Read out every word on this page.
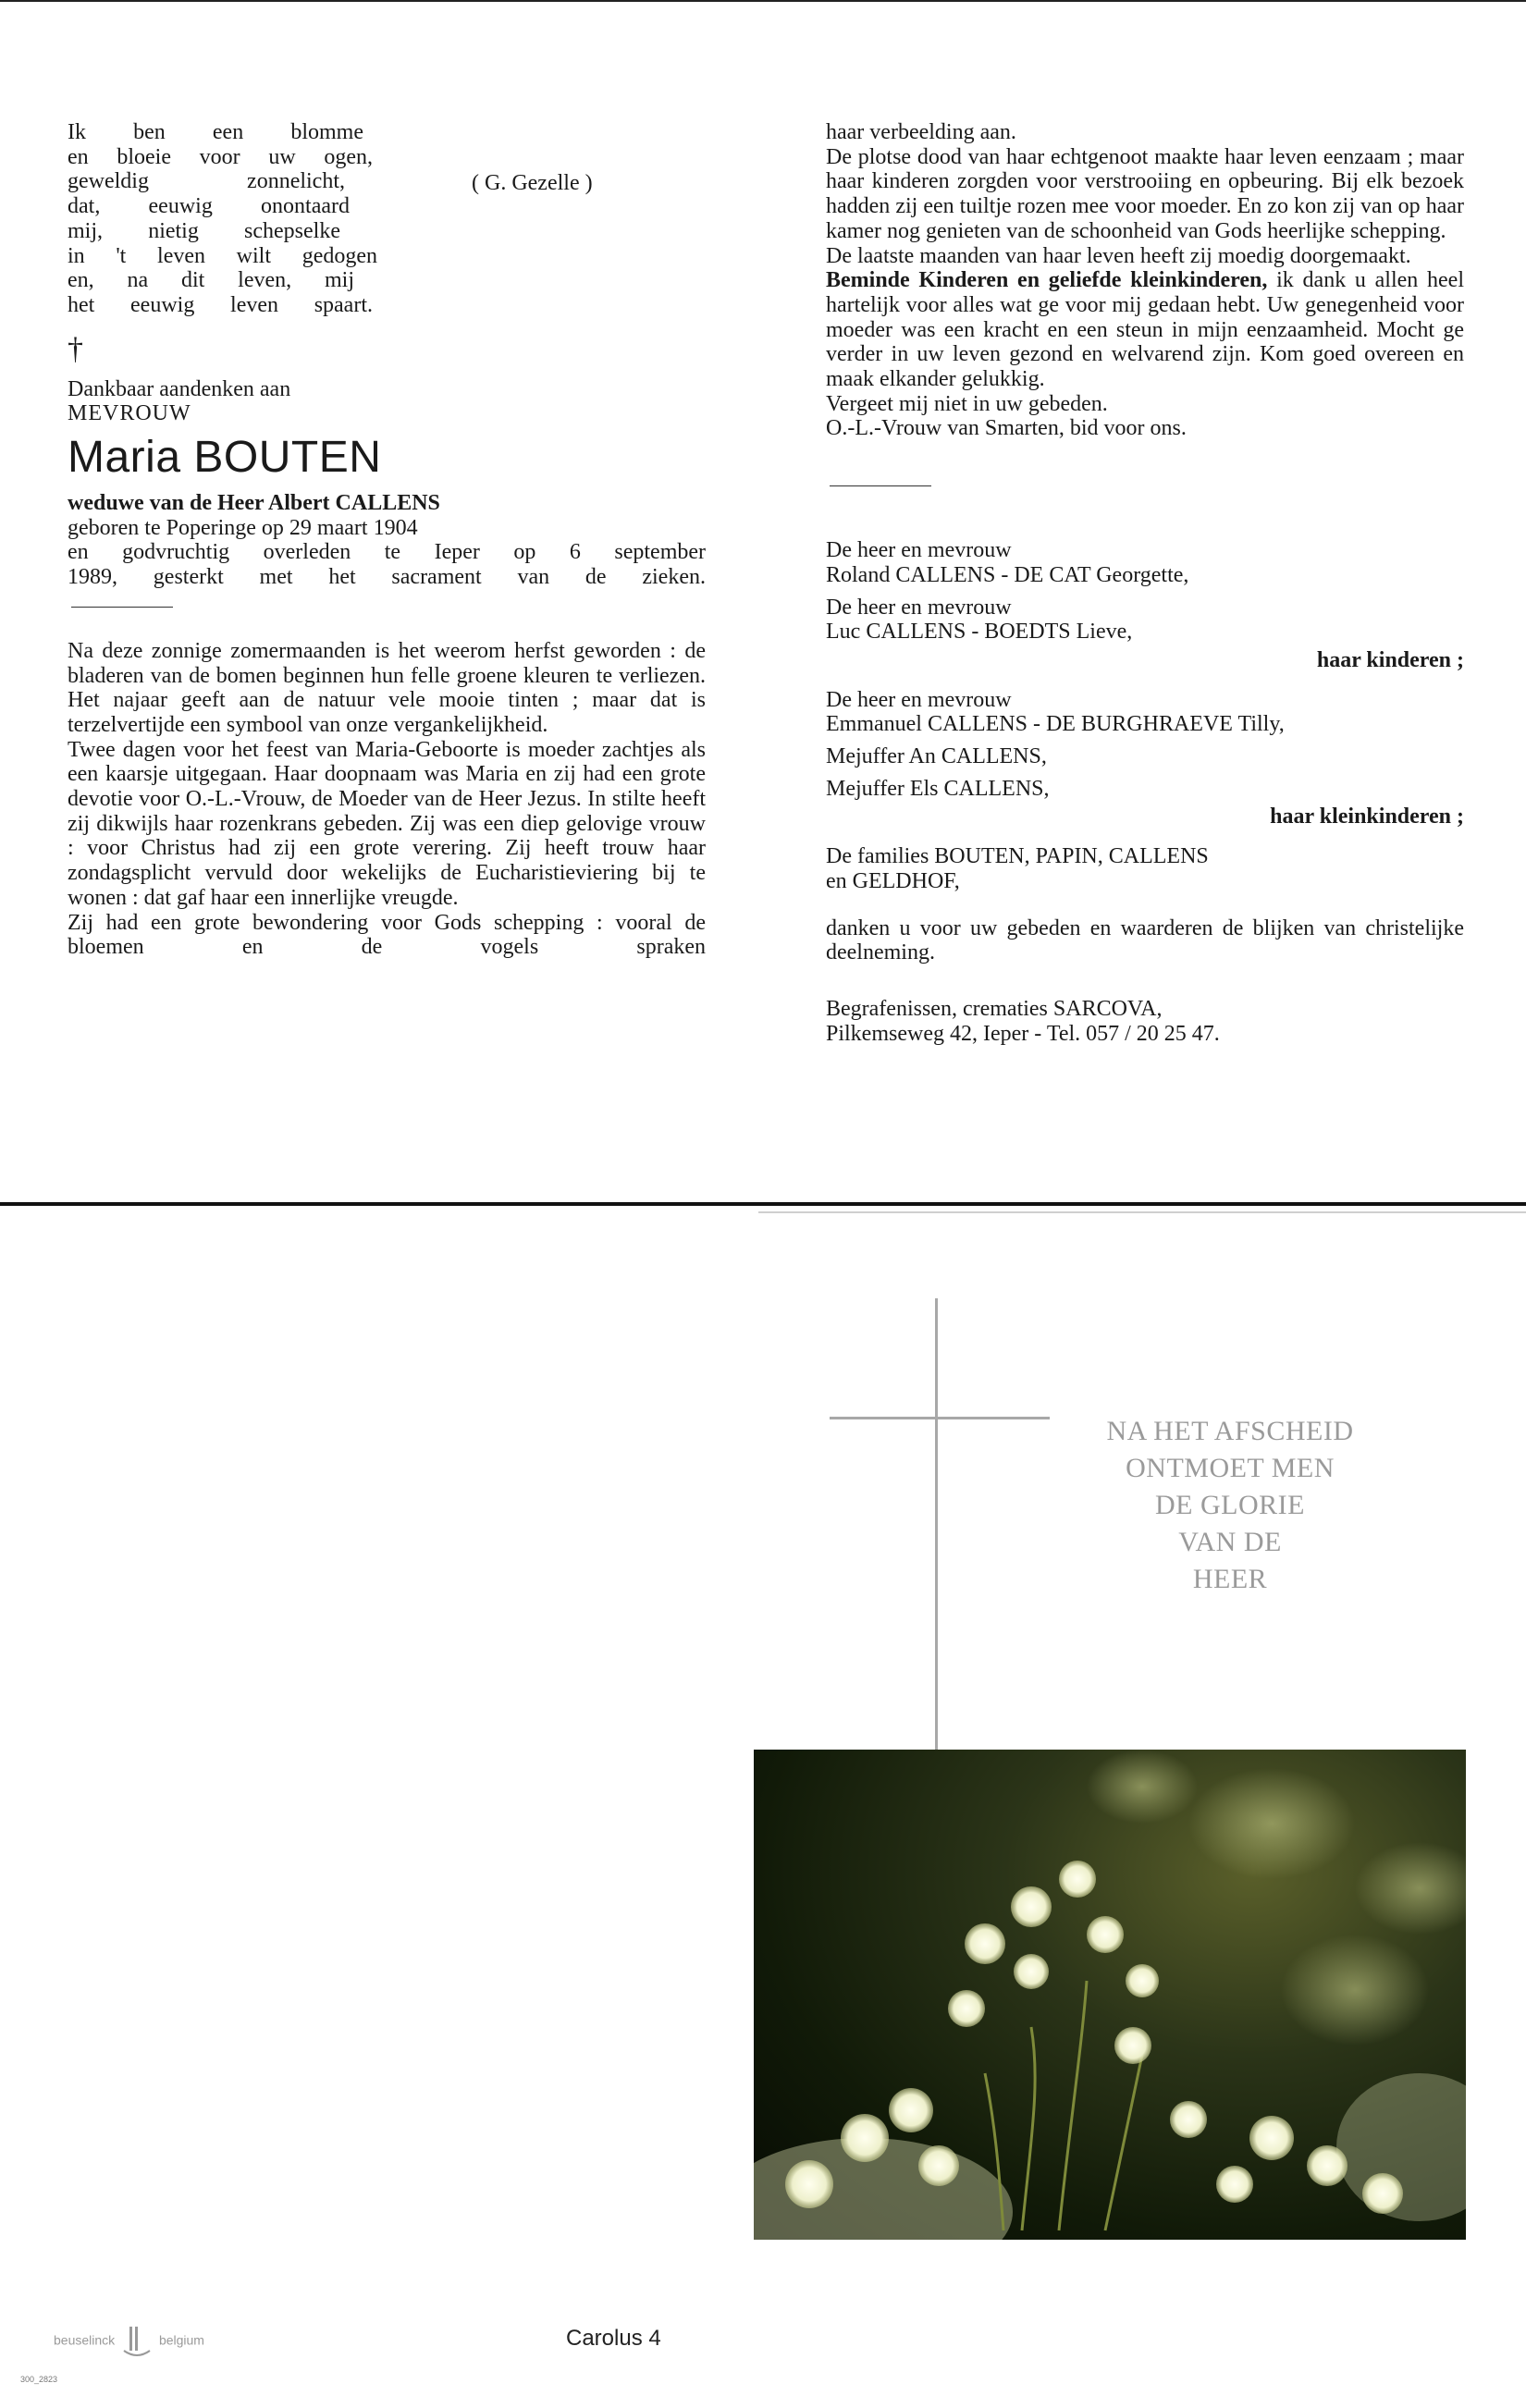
Ik ben een blomme
en bloeie voor uw ogen,
geweldig zonnelicht,
dat, eeuwig onontaard
mij, nietig schepselke
in 't leven wilt gedogen
en, na dit leven, mij
het eeuwig leven spaart.
†
Dankbaar aandenken aan
MEVROUW
Maria BOUTEN
weduwe van de Heer Albert CALLENS
geboren te Poperinge op 29 maart 1904
en godvruchtig overleden te Ieper op 6 september
1989, gesterkt met het sacrament van de zieken.
Na deze zonnige zomermaanden is het weerom herfst geworden : de bladeren van de bomen beginnen hun felle groene kleuren te verliezen. Het najaar geeft aan de natuur vele mooie tinten ; maar dat is terzelvertijde een symbool van onze vergankelijkheid.
Twee dagen voor het feest van Maria-Geboorte is moeder zachtjes als een kaarsje uitgegaan. Haar doopnaam was Maria en zij had een grote devotie voor O.-L.-Vrouw, de Moeder van de Heer Jezus. In stilte heeft zij dikwijls haar rozenkrans gebeden. Zij was een diep gelovige vrouw : voor Christus had zij een grote verering. Zij heeft trouw haar zondagsplicht vervuld door wekelijks de Eucharistieviering bij te wonen : dat gaf haar een innerlijke vreugde.
Zij had een grote bewondering voor Gods schepping : vooral de bloemen en de vogels spraken
( G. Gezelle )
haar verbeelding aan.
De plotse dood van haar echtgenoot maakte haar leven eenzaam ; maar haar kinderen zorgden voor verstrooiing en opbeuring. Bij elk bezoek hadden zij een tuiltje rozen mee voor moeder. En zo kon zij van op haar kamer nog genieten van de schoonheid van Gods heerlijke schepping.
De laatste maanden van haar leven heeft zij moedig doorgemaakt.
Beminde Kinderen en geliefde kleinkinderen, ik dank u allen heel hartelijk voor alles wat ge voor mij gedaan hebt. Uw genegenheid voor moeder was een kracht en een steun in mijn eenzaamheid. Mocht ge verder in uw leven gezond en welvarend zijn. Kom goed overeen en maak elkander gelukkig.
Vergeet mij niet in uw gebeden.
O.-L.-Vrouw van Smarten, bid voor ons.
De heer en mevrouw
Roland CALLENS - DE CAT Georgette,
De heer en mevrouw
Luc CALLENS - BOEDTS Lieve,
haar kinderen ;
De heer en mevrouw
Emmanuel CALLENS - DE BURGHRAEVE Tilly,
Mejuffer An CALLENS,
Mejuffer Els CALLENS,
haar kleinkinderen ;
De families BOUTEN, PAPIN, CALLENS
en GELDHOF,
danken u voor uw gebeden en waarderen de blijken van christelijke deelneming.
Begrafenissen, crematies SARCOVA,
Pilkemseweg 42, Ieper - Tel. 057 / 20 25 47.
NA HET AFSCHEID
ONTMOET MEN
DE GLORIE
VAN DE
HEER
beuselinck	belgium
300_2823
Carolus 4
